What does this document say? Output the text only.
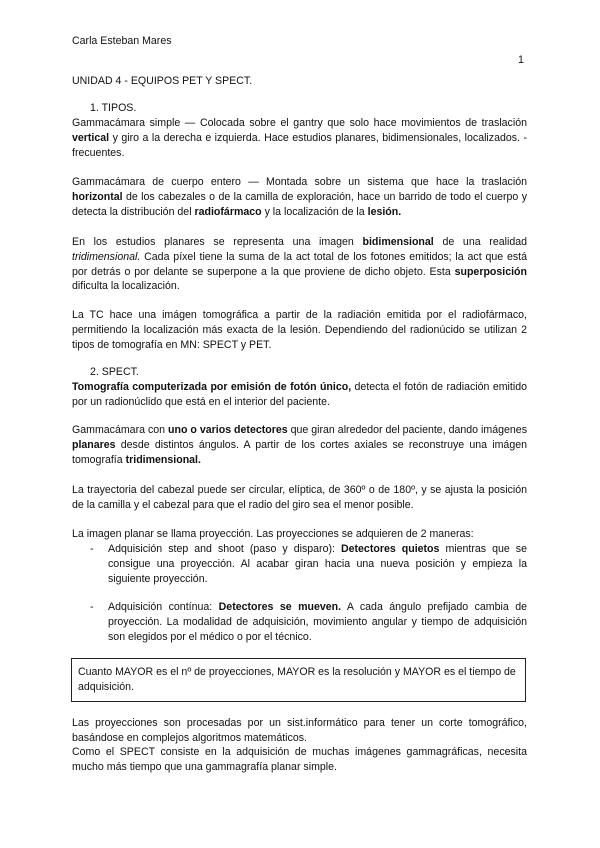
Carla Esteban Mares
1
UNIDAD 4 - EQUIPOS PET Y SPECT.
1. TIPOS.

Gammacámara simple — Colocada sobre el gantry que solo hace movimientos de traslación vertical y giro a la derecha e izquierda. Hace estudios planares, bidimensionales, localizados. - frecuentes.

Gammacámara de cuerpo entero — Montada sobre un sistema que hace la traslación horizontal de los cabezales o de la camilla de exploración, hace un barrido de todo el cuerpo y detecta la distribución del radiofármaco y la localización de la lesión.

En los estudios planares se representa una imagen bidimensional de una realidad tridimensional. Cada píxel tiene la suma de la act total de los fotones emitidos; la act que está por detrás o por delante se superpone a la que proviene de dicho objeto. Esta superposición dificulta la localización.

La TC hace una imágen tomográfica a partir de la radiación emitida por el radiofármaco, permitiendo la localización más exacta de la lesión. Dependiendo del radionúcido se utilizan 2 tipos de tomografía en MN: SPECT y PET.

2. SPECT.

Tomografía computerizada por emisión de fotón único, detecta el fotón de radiación emitido por un radionúclido que está en el interior del paciente.

Gammacámara con uno o varios detectores que giran alrededor del paciente, dando imágenes planares desde distintos ángulos. A partir de los cortes axiales se reconstruye una imágen tomografía tridimensional.

La trayectoria del cabezal puede ser circular, elíptica, de 360º o de 180º, y se ajusta la posición de la camilla y el cabezal para que el radio del giro sea el menor posible.

La imagen planar se llama proyección. Las proyecciones se adquieren de 2 maneras:

- Adquisición step and shoot (paso y disparo): Detectores quietos mientras que se consigue una proyección. Al acabar giran hacia una nueva posición y empieza la siguiente proyección.

- Adquisición contínua: Detectores se mueven. A cada ángulo prefijado cambia de proyección. La modalidad de adquisición, movimiento angular y tiempo de adquisición son elegidos por el médico o por el técnico.

Cuanto MAYOR es el nº de proyecciones, MAYOR es la resolución y MAYOR es el tiempo de adquisición.

Las proyecciones son procesadas por un sist.informático para tener un corte tomográfico, basándose en complejos algoritmos matemáticos.

Como el SPECT consiste en la adquisición de muchas imágenes gammagráficas, necesita mucho más tiempo que una gammagrafía planar simple.
